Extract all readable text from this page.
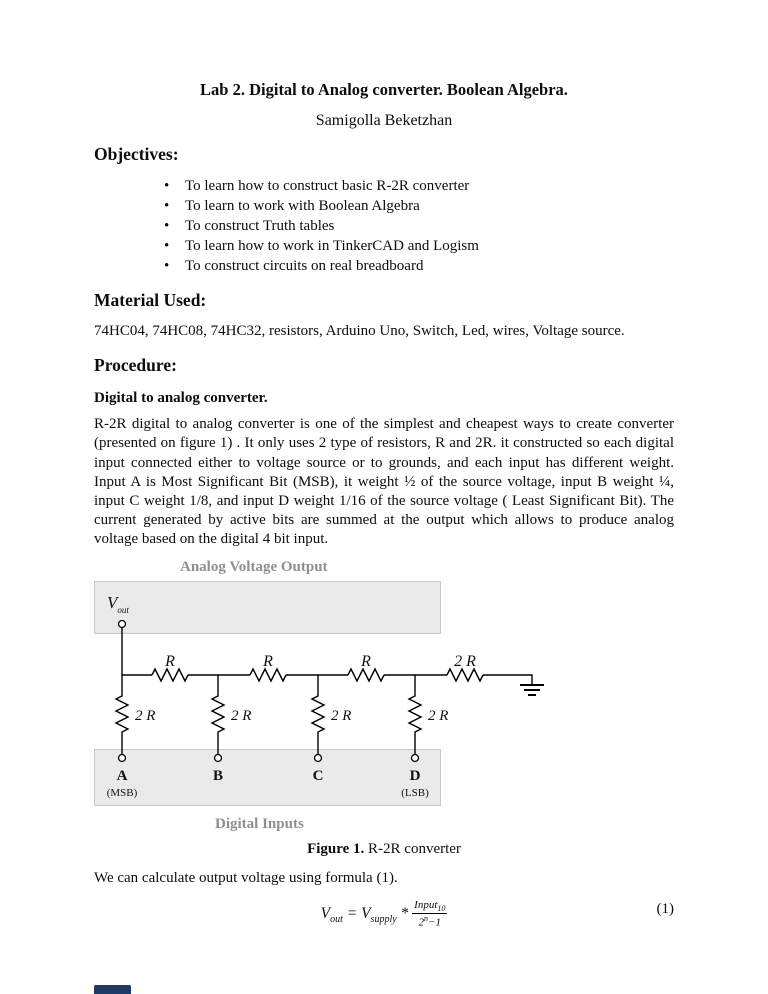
Lab 2. Digital to Analog converter. Boolean Algebra.
Samigolla Beketzhan
Objectives:
• To learn how to construct basic R-2R converter
• To learn to work with Boolean Algebra
• To construct Truth tables
• To learn how to work in TinkerCAD and Logism
• To construct circuits on real breadboard
Material Used:
74HC04, 74HC08, 74HC32, resistors, Arduino Uno, Switch, Led, wires, Voltage source.
Procedure:
Digital to analog converter.
R-2R digital to analog converter is one of the simplest and cheapest ways to create converter (presented on figure 1) . It only uses 2 type of resistors, R and 2R. it constructed so each digital input connected either to voltage source or to grounds, and each input has different weight. Input A is Most Significant Bit (MSB), it weight ½ of the source voltage, input B weight ¼, input C weight 1/8, and input D weight 1/16 of the source voltage ( Least Significant Bit). The current generated by active bits are summed at the output which allows to produce analog voltage based on the digital 4 bit input.
Analog Voltage Output
$V_{out}$
R	R	R	2 R
2 R	2 R	2 R	2 R
A	B	C	D
(MSB)	(LSB)
Digital Inputs
Figure 1. R-2R converter
We can calculate output voltage using formula (1).
$V_{out} = V_{supply} * \frac{Input_{10}}{2^n-1}$	(1)
